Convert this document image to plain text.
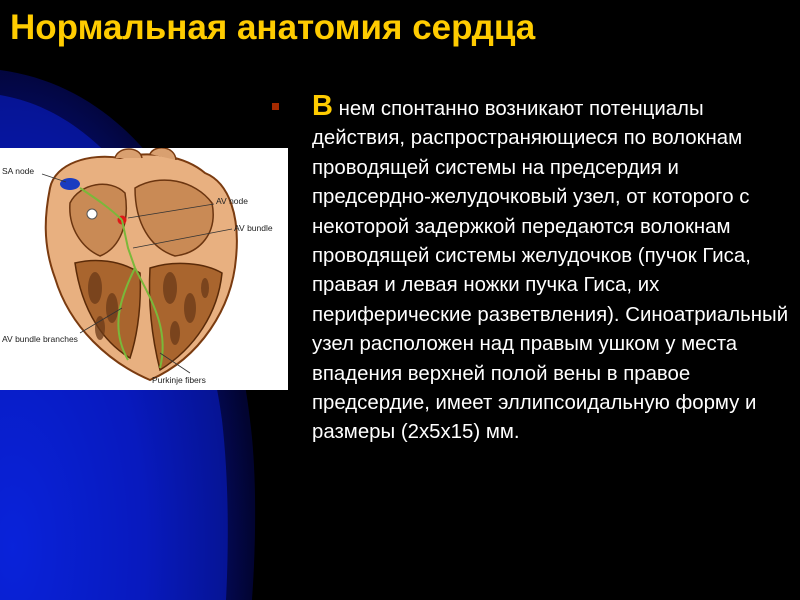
Нормальная анатомия сердца
SA node
AV node
AV bundle
AV bundle branches
Purkinje fibers
В нем спонтанно возникают потенциалы действия, распространяющиеся по волокнам проводящей системы на предсердия и предсердно-желудочковый узел, от которого с некоторой задержкой передаются волокнам проводящей системы желудочков (пучок Гиса, правая и левая ножки пучка Гиса, их периферические разветвления). Синоатриальный узел расположен над правым ушком у места впадения верхней полой вены в правое предсердие, имеет эллипсоидальную форму и размеры (2х5х15) мм.
